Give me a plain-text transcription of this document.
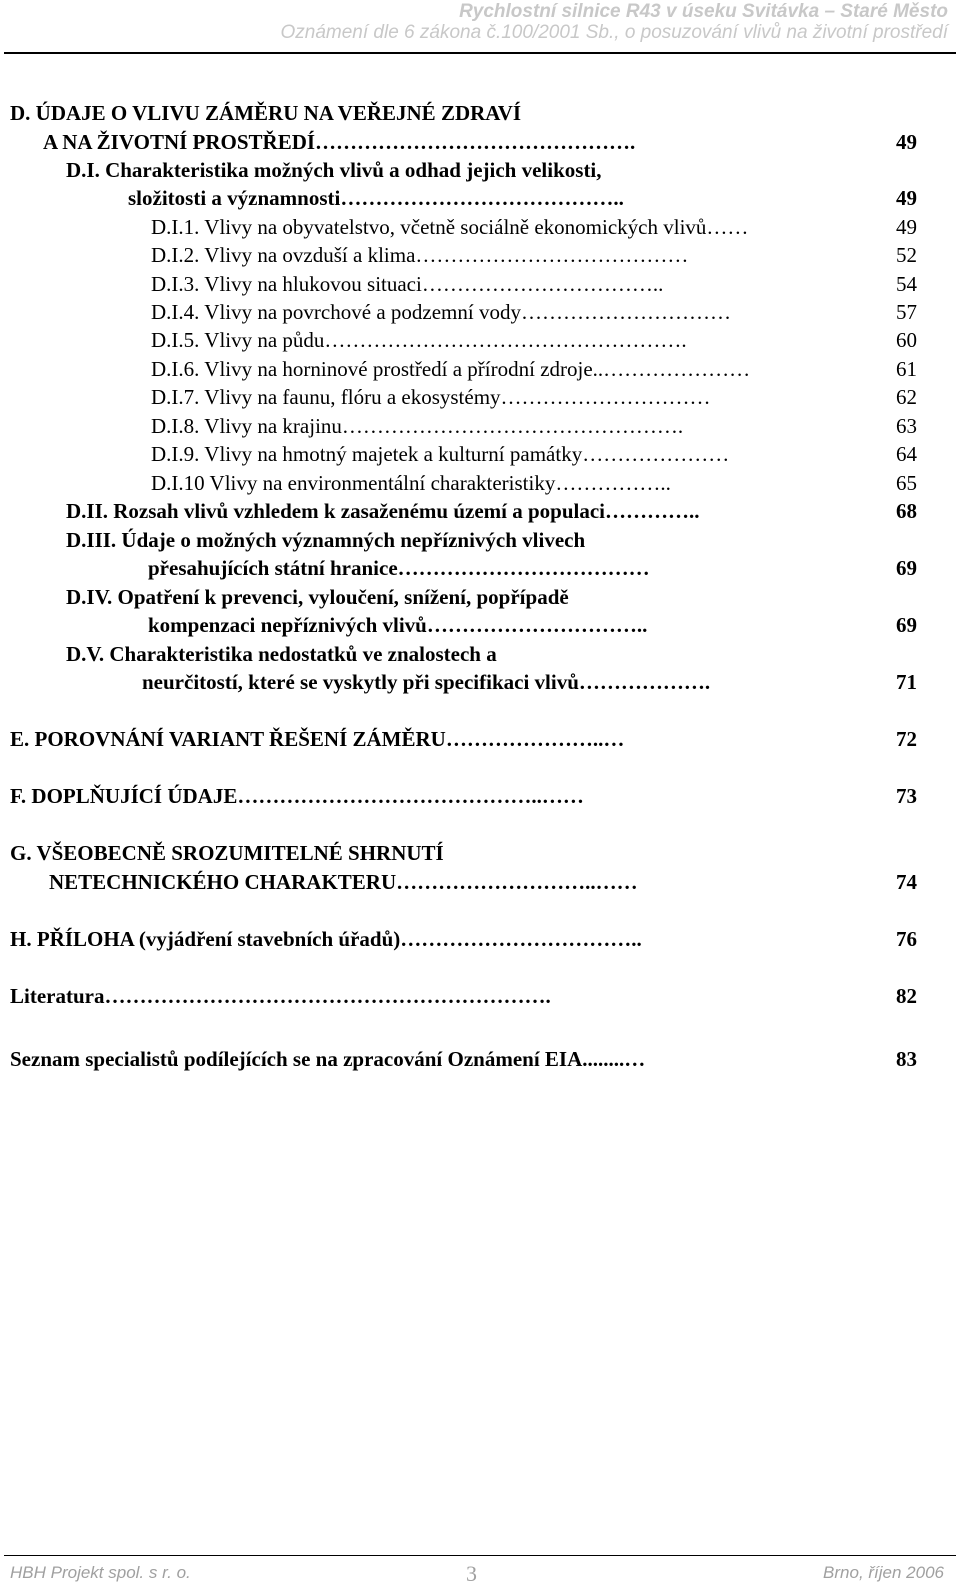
Rychlostní silnice R43 v úseku Svitávka – Staré Město
Oznámení dle 6 zákona č.100/2001 Sb., o posuzování vlivů na životní prostředí
D. ÚDAJE O VLIVU ZÁMĚRU NA VEŘEJNÉ ZDRAVÍ
A NA ŽIVOTNÍ PROSTŘEDÍ……………………………………….	49
D.I. Charakteristika možných vlivů a odhad jejich velikosti,
složitosti a významnosti…………………………………..	49
D.I.1. Vlivy na obyvatelstvo, včetně sociálně ekonomických vlivů……	49
D.I.2. Vlivy na ovzduší a klima…………………………………	52
D.I.3. Vlivy na hlukovou situaci……………………………..	54
D.I.4. Vlivy na povrchové a podzemní vody…………………………	57
D.I.5. Vlivy na půdu…………………………………………….	60
D.I.6. Vlivy na horninové prostředí a přírodní zdroje..…………………	61
D.I.7. Vlivy na faunu, flóru a ekosystémy…………………………	62
D.I.8. Vlivy na krajinu………………………………………….	63
D.I.9. Vlivy na hmotný majetek a kulturní památky…………………	64
D.I.10 Vlivy na environmentální charakteristiky……………..	65
D.II. Rozsah vlivů vzhledem k zasaženému území a populaci…………..	68
D.III. Údaje o možných významných nepříznivých vlivech
přesahujících státní hranice………………………………	69
D.IV. Opatření k prevenci, vyloučení, snížení, popřípadě
kompenzaci nepříznivých vlivů…………………………..	69
D.V. Charakteristika nedostatků ve znalostech a
neurčitostí, které se vyskytly při specifikaci vlivů……………….	71
E. POROVNÁNÍ VARIANT ŘEŠENÍ ZÁMĚRU…………………..…	72
F. DOPLŇUJÍCÍ ÚDAJE……………………………………..……	73
G. VŠEOBECNĚ SROZUMITELNÉ SHRNUTÍ
NETECHNICKÉHO CHARAKTERU………………………..……	74
H. PŘÍLOHA (vyjádření stavebních úřadů)……………………………..	76
Literatura……………………………………………………….	82
Seznam specialistů podílejících se na zpracování Oznámení EIA........…	83
HBH Projekt spol. s r. o.	3	Brno, říjen 2006
